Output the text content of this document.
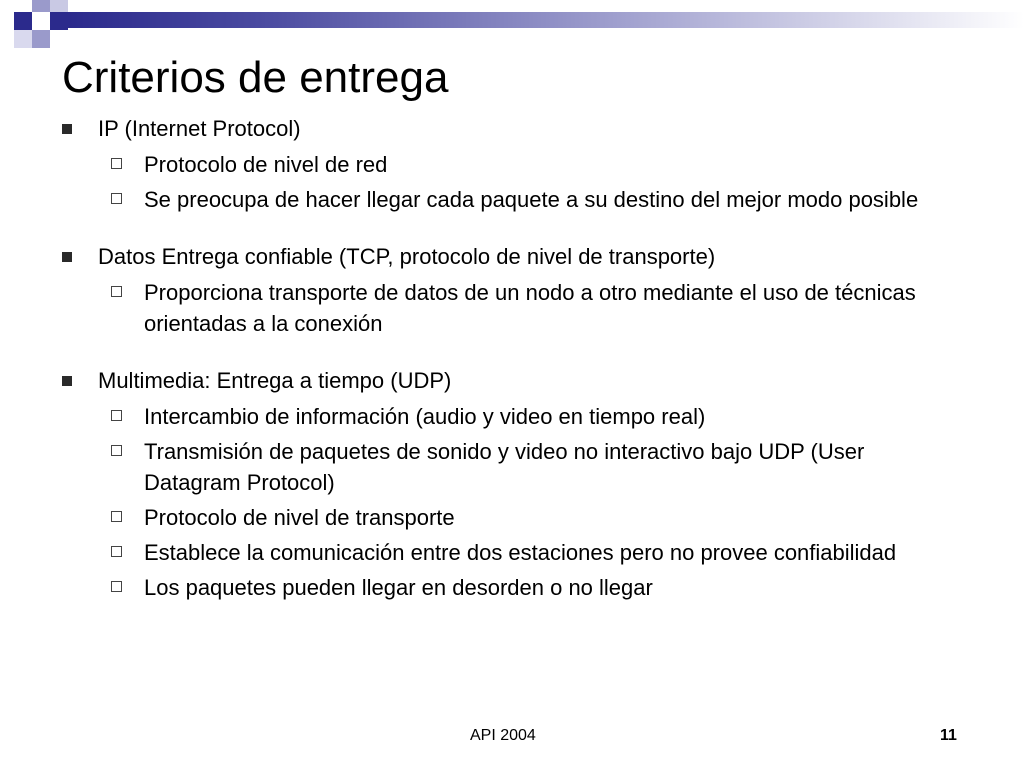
Criterios de entrega
IP (Internet Protocol)
Protocolo de nivel de red
Se preocupa de hacer llegar cada paquete a su destino del mejor modo posible
Datos Entrega confiable (TCP, protocolo de nivel de transporte)
Proporciona transporte de datos de un nodo a otro mediante el uso de técnicas orientadas a la conexión
Multimedia: Entrega a tiempo (UDP)
Intercambio de información (audio y video en tiempo real)
Transmisión de paquetes de sonido y video no interactivo bajo UDP (User Datagram Protocol)
Protocolo de nivel de transporte
Establece la comunicación entre dos estaciones pero no provee confiabilidad
Los paquetes pueden llegar en desorden o no llegar
API 2004	11
